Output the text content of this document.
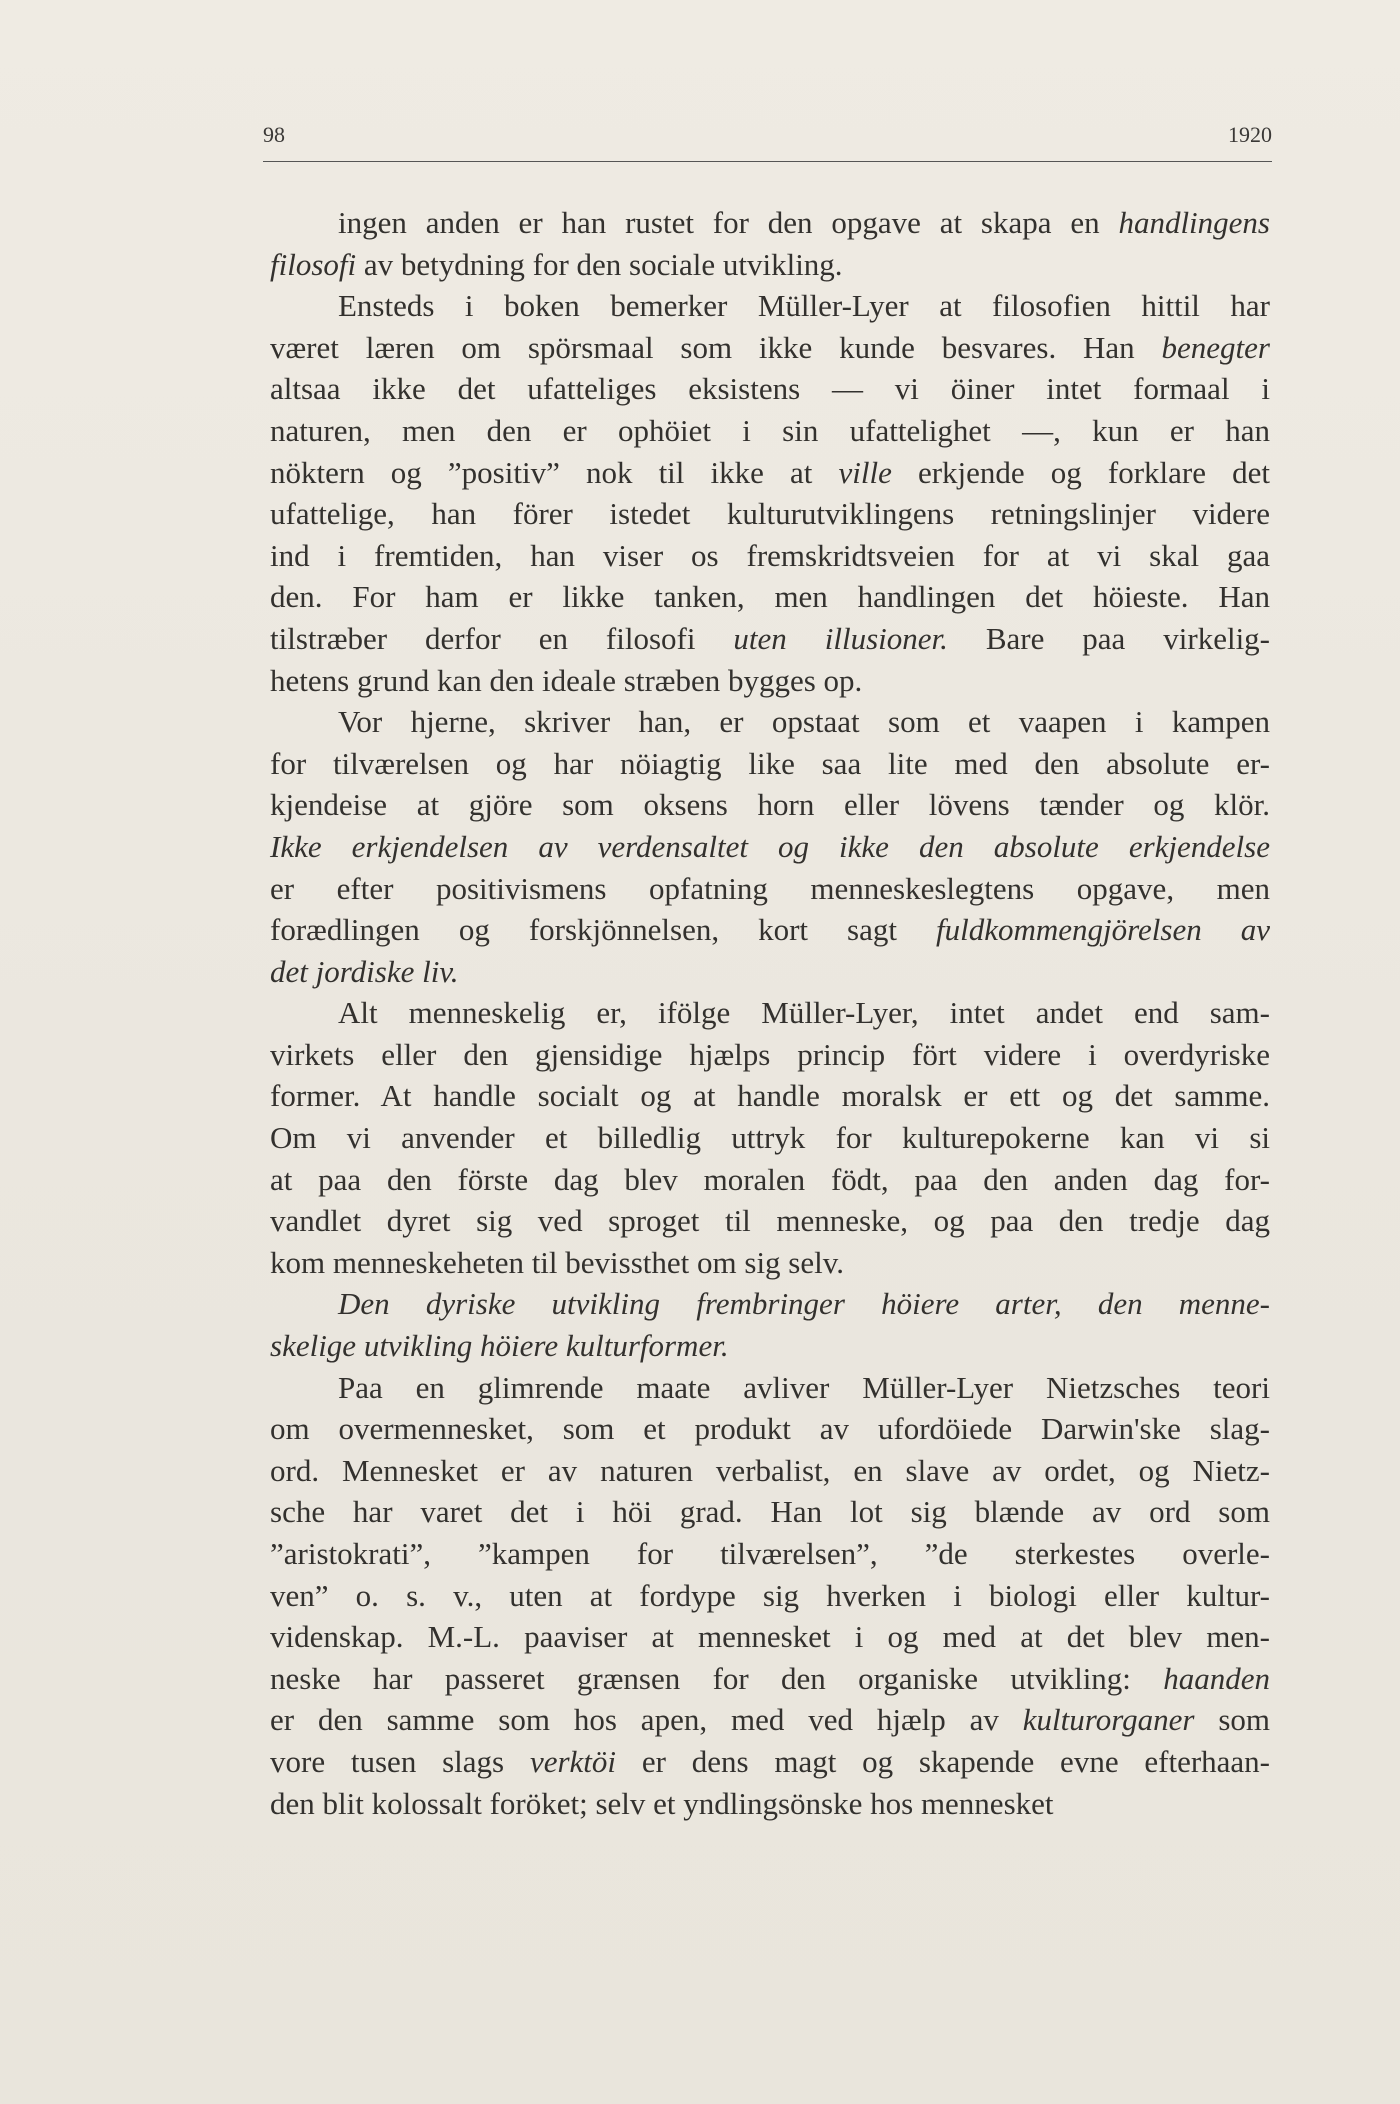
98	1920
ingen anden er han rustet for den opgave at skapa en handlingens
filosofi av betydning for den sociale utvikling.
Ensteds i boken bemerker Müller-Lyer at filosofien hittil har
været læren om spörsmaal som ikke kunde besvares. Han benegter
altsaa ikke det ufatteliges eksistens — vi öiner intet formaal i
naturen, men den er ophöiet i sin ufattelighet —, kun er han
nöktern og ”positiv” nok til ikke at ville erkjende og forklare det
ufattelige, han förer istedet kulturutviklingens retningslinjer videre
ind i fremtiden, han viser os fremskridtsveien for at vi skal gaa
den. For ham er likke tanken, men handlingen det höieste. Han
tilstræber derfor en filosofi uten illusioner. Bare paa virkelig-
hetens grund kan den ideale stræben bygges op.
Vor hjerne, skriver han, er opstaat som et vaapen i kampen
for tilværelsen og har nöiagtig like saa lite med den absolute er-
kjendeise at gjöre som oksens horn eller lövens tænder og klör.
Ikke erkjendelsen av verdensaltet og ikke den absolute erkjendelse
er efter positivismens opfatning menneskeslegtens opgave, men
forædlingen og forskjönnelsen, kort sagt fuldkommengjörelsen av
det jordiske liv.
Alt menneskelig er, ifölge Müller-Lyer, intet andet end sam-
virkets eller den gjensidige hjælps princip fört videre i overdyriske
former. At handle socialt og at handle moralsk er ett og det samme.
Om vi anvender et billedlig uttryk for kulturepokerne kan vi si
at paa den förste dag blev moralen födt, paa den anden dag for-
vandlet dyret sig ved sproget til menneske, og paa den tredje dag
kom menneskeheten til bevissthet om sig selv.
Den dyriske utvikling frembringer höiere arter, den menne-
skelige utvikling höiere kulturformer.
Paa en glimrende maate avliver Müller-Lyer Nietzsches teori
om overmennesket, som et produkt av ufordöiede Darwin'ske slag-
ord. Mennesket er av naturen verbalist, en slave av ordet, og Nietz-
sche har varet det i höi grad. Han lot sig blænde av ord som
”aristokrati”, ”kampen for tilværelsen”, ”de sterkestes overle-
ven” o. s. v., uten at fordype sig hverken i biologi eller kultur-
videnskap. M.-L. paaviser at mennesket i og med at det blev men-
neske har passeret grænsen for den organiske utvikling: haanden
er den samme som hos apen, med ved hjælp av kulturorganer som
vore tusen slags verktöi er dens magt og skapende evne efterhaan-
den blit kolossalt foröket; selv et yndlingsönske hos mennesket
